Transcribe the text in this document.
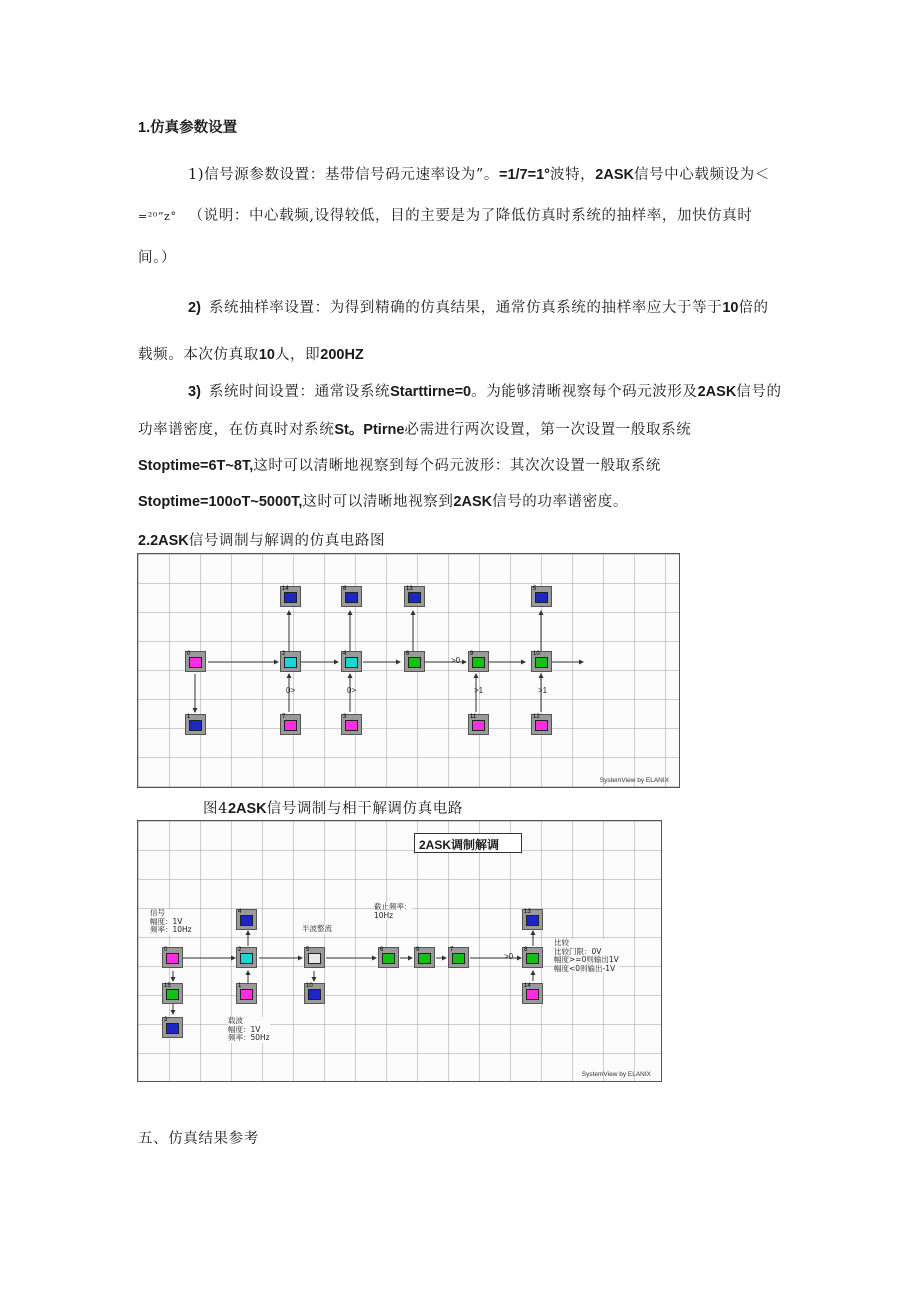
1.仿真参数设置
1)信号源参数设置：基带信号码元速率设为”。=1/7=1°波特，2ASK信号中心载频设为＜
=²⁰”z° （说明：中心载频,设得较低，目的主要是为了降低仿真时系统的抽样率，加快仿真时
间。）
2) 系统抽样率设置：为得到精确的仿真结果，通常仿真系统的抽样率应大于等于10倍的
载频。本次仿真取10人，即200HZ
3) 系统时间设置：通常设系统Starttirne=0。为能够清晰视察每个码元波形及2ASK信号的
功率谱密度，在仿真时对系统St。Ptirne必需进行两次设置，第一次设置一般取系统
Stoptime=6T~8T,这时可以清晰地视察到每个码元波形：其次次设置一般取系统
Stoptime=100oT~5000T,这时可以清晰地视察到2ASK信号的功率谱密度。
2.2ASK信号调制与解调的仿真电路图
14	8	13	5
0	2	4	6	9	10
1	7	3	11	12
0>	0>
>0
>1	>1
SystemView by ELANIX
图42ASK信号调制与相干解调仿真电路
2ASK调制解调
信号
幅度：1V
频率：10Hz
截止频率：
10Hz
半波整流
载波
幅度：1V
频率：50Hz
比较
比较门限：0V
幅度>=0则输出1V
幅度<0则输出-1V
4	13
0	2	5	6	9	7	8
15	1	10	14
3
>0
SystemView by ELANIX
五、仿真结果参考
